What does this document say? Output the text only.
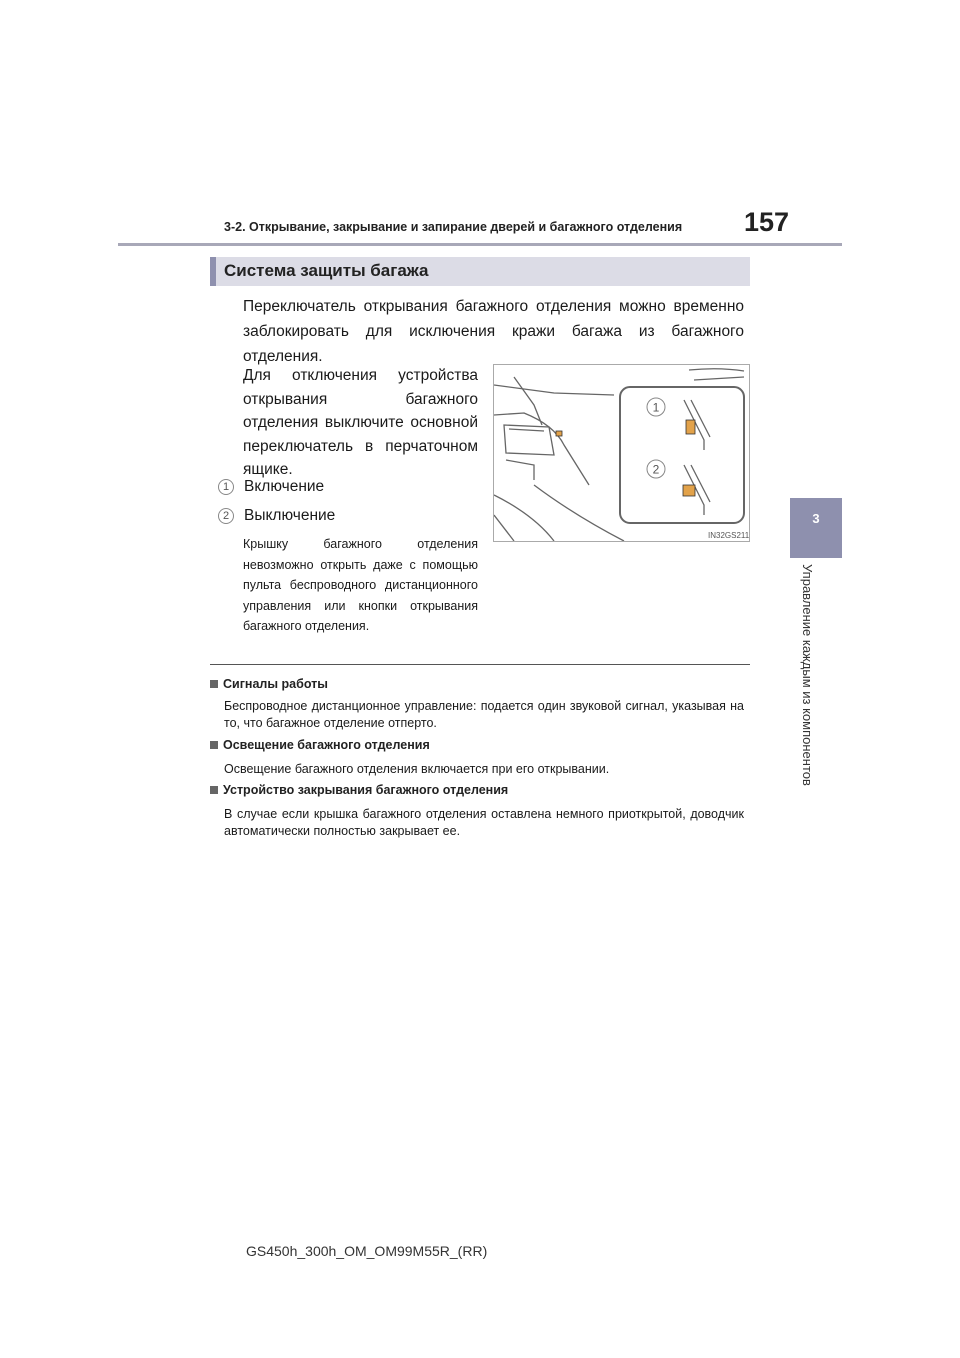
3-2. Открывание, закрывание и запирание дверей и багажного отделения 157
3
Управление каждым из компонентов
Система защиты багажа
Переключатель открывания багажного отделения можно временно заблокировать для исключения кражи багажа из багажного отделения.
Для отключения устройства открывания багажного отделения выключите основной переключатель в перчаточном ящике.
1 Включение
2 Выключение
Крышку багажного отделения невозможно открыть даже с помощью пульта беспроводного дистанционного управления или кнопки открывания багажного отделения.
1
2
IN32GS211
Сигналы работы
Беспроводное дистанционное управление: подается один звуковой сигнал, указывая на то, что багажное отделение отперто.
Освещение багажного отделения
Освещение багажного отделения включается при его открывании.
Устройство закрывания багажного отделения
В случае если крышка багажного отделения оставлена немного приоткрытой, доводчик автоматически полностью закрывает ее.
GS450h_300h_OM_OM99M55R_(RR)
